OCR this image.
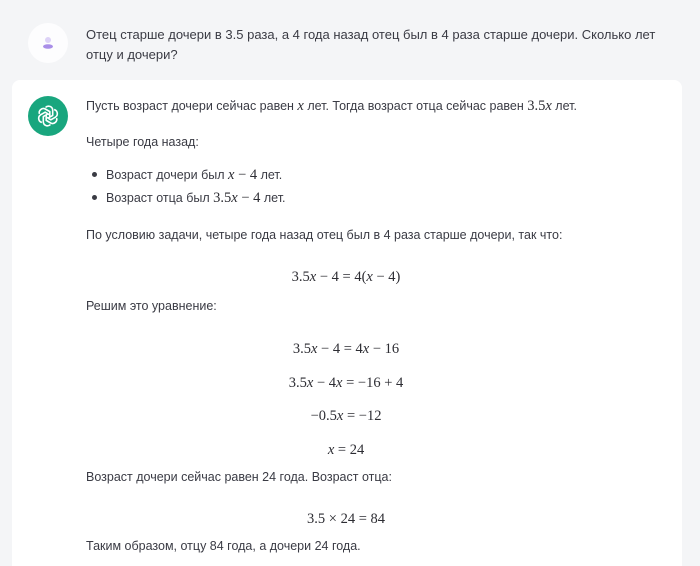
Отец старше дочери в 3.5 раза, а 4 года назад отец был в 4 раза старше дочери. Сколько лет отцу и дочери?
Пусть возраст дочери сейчас равен x лет. Тогда возраст отца сейчас равен 3.5x лет.
Четыре года назад:
Возраст дочери был x − 4 лет.
Возраст отца был 3.5x − 4 лет.
По условию задачи, четыре года назад отец был в 4 раза старше дочери, так что:
3.5x − 4 = 4(x − 4)
Решим это уравнение:
3.5x − 4 = 4x − 16
3.5x − 4x = −16 + 4
−0.5x = −12
x = 24
Возраст дочери сейчас равен 24 года. Возраст отца:
3.5 × 24 = 84
Таким образом, отцу 84 года, а дочери 24 года.
